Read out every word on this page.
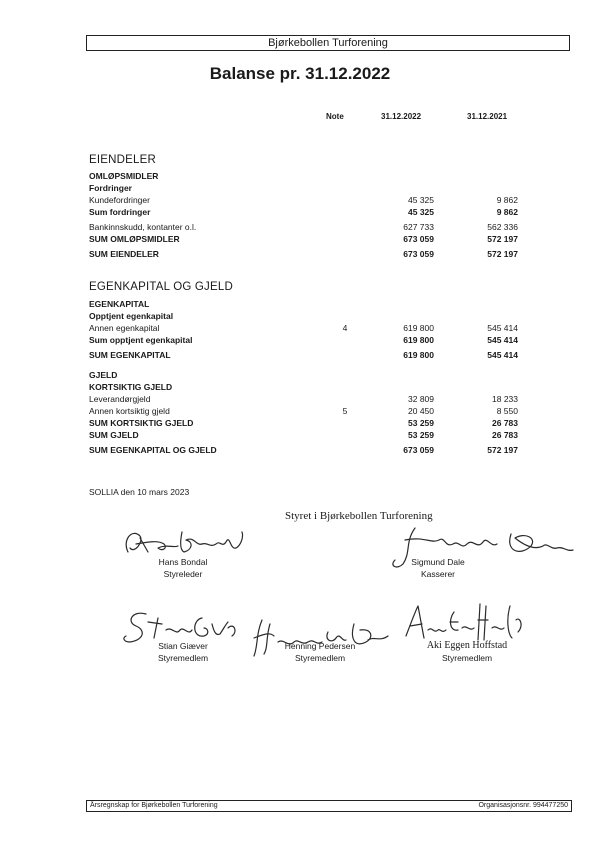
Bjørkebollen Turforening
Balanse pr. 31.12.2022
Note	31.12.2022	31.12.2021
EIENDELER
OMLØPSMIDLER
Fordringer
Kundefordringer	45 325	9 862
Sum fordringer	45 325	9 862
Bankinnskudd, kontanter o.l.	627 733	562 336
SUM OMLØPSMIDLER	673 059	572 197
SUM EIENDELER	673 059	572 197
EGENKAPITAL OG GJELD
EGENKAPITAL
Opptjent egenkapital
Annen egenkapital	4	619 800	545 414
Sum opptjent egenkapital	619 800	545 414
SUM EGENKAPITAL	619 800	545 414
GJELD
KORTSIKTIG GJELD
Leverandørgjeld	32 809	18 233
Annen kortsiktig gjeld	5	20 450	8 550
SUM KORTSIKTIG GJELD	53 259	26 783
SUM GJELD	53 259	26 783
SUM EGENKAPITAL OG GJELD	673 059	572 197
SOLLIA den 10 mars 2023
Styret i Bjørkebollen Turforening
Hans Bondal
Styreleder
Sigmund Dale
Kasserer
Stian Giæver
Styremedlem
Henning Pedersen
Styremedlem
Aki Eggen Hoffstad
Styremedlem
Årsregnskap for Bjørkebollen Turforening	Organisasjonsnr. 994477250
